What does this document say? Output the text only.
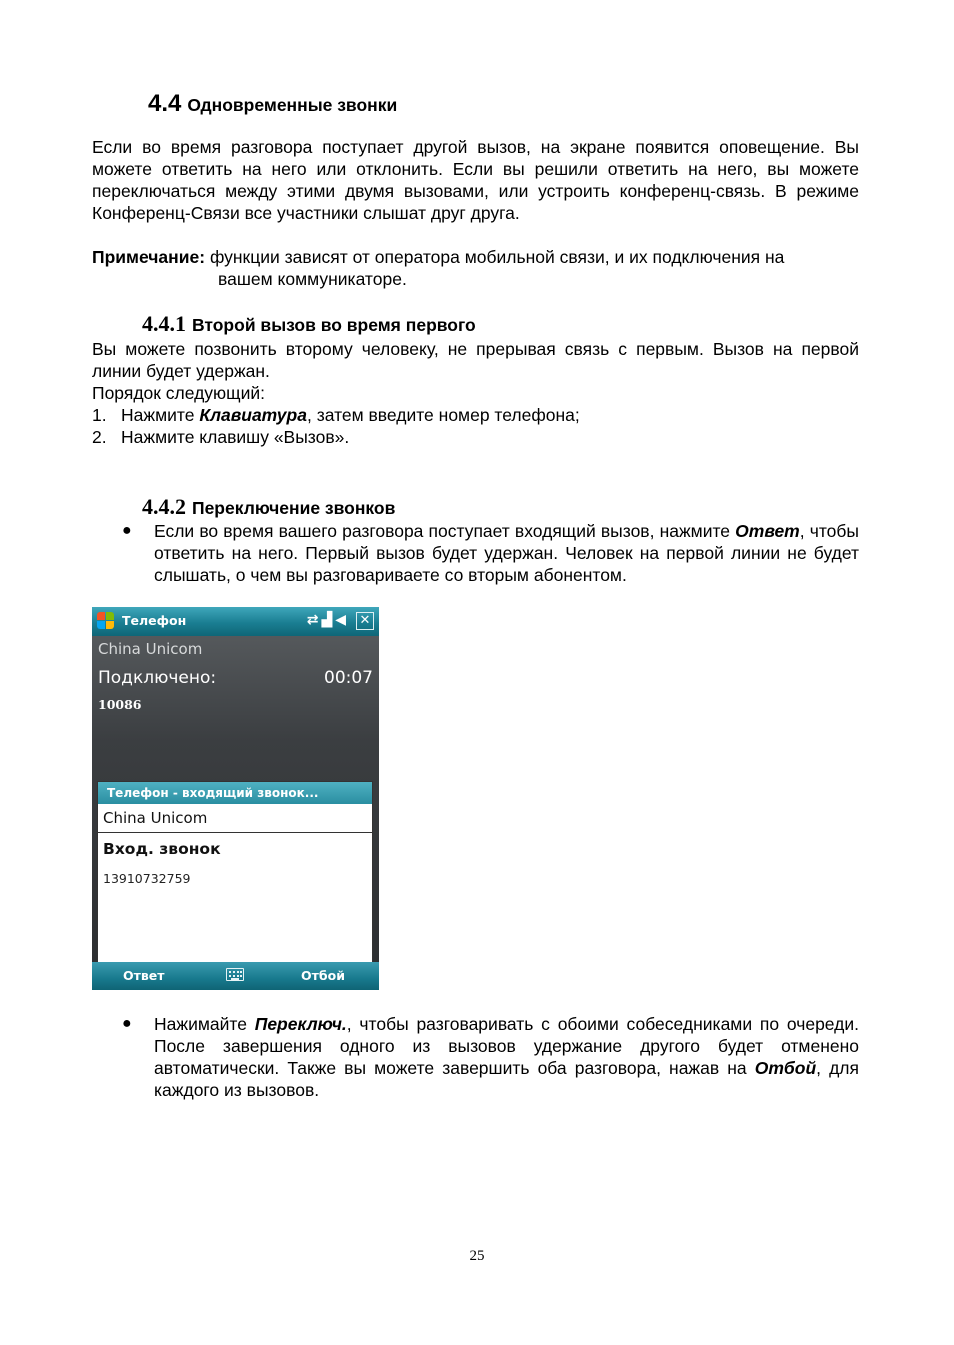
4.4 Одновременные звонки
Если во время разговора поступает другой вызов, на экране появится оповещение. Вы можете ответить на него или отклонить. Если вы решили ответить на него, вы можете переключаться между этими двумя вызовами, или устроить конференц-связь. В режиме Конференц-Связи все участники слышат друг друга.
Примечание: функции зависят от оператора мобильной связи, и их подключения на
вашем коммуникаторе.
4.4.1 Второй вызов во время первого
Вы можете позвонить второму человеку, не прерывая связь с первым. Вызов на первой линии будет удержан.
Порядок следующий:
1. Нажмите Клавиатура, затем введите номер телефона;
2. Нажмите клавишу «Вызов».
4.4.2 Переключение звонков
● Если во время вашего разговора поступает входящий вызов, нажмите Ответ, чтобы ответить на него. Первый вызов будет удержан. Человек на первой линии не будет слышать, о чем вы разговариваете со вторым абонентом.
Телефон	⇄▟◀ ✕
China Unicom
Подключено:	00:07
10086
Телефон - входящий звонок...
China Unicom
Вход. звонок
13910732759
Ответ	Отбой
● Нажимайте Переключ., чтобы разговаривать с обоими собеседниками по очереди. После завершения одного из вызовов удержание другого будет отменено автоматически. Также вы можете завершить оба разговора, нажав на Отбой, для каждого из вызовов.
25
